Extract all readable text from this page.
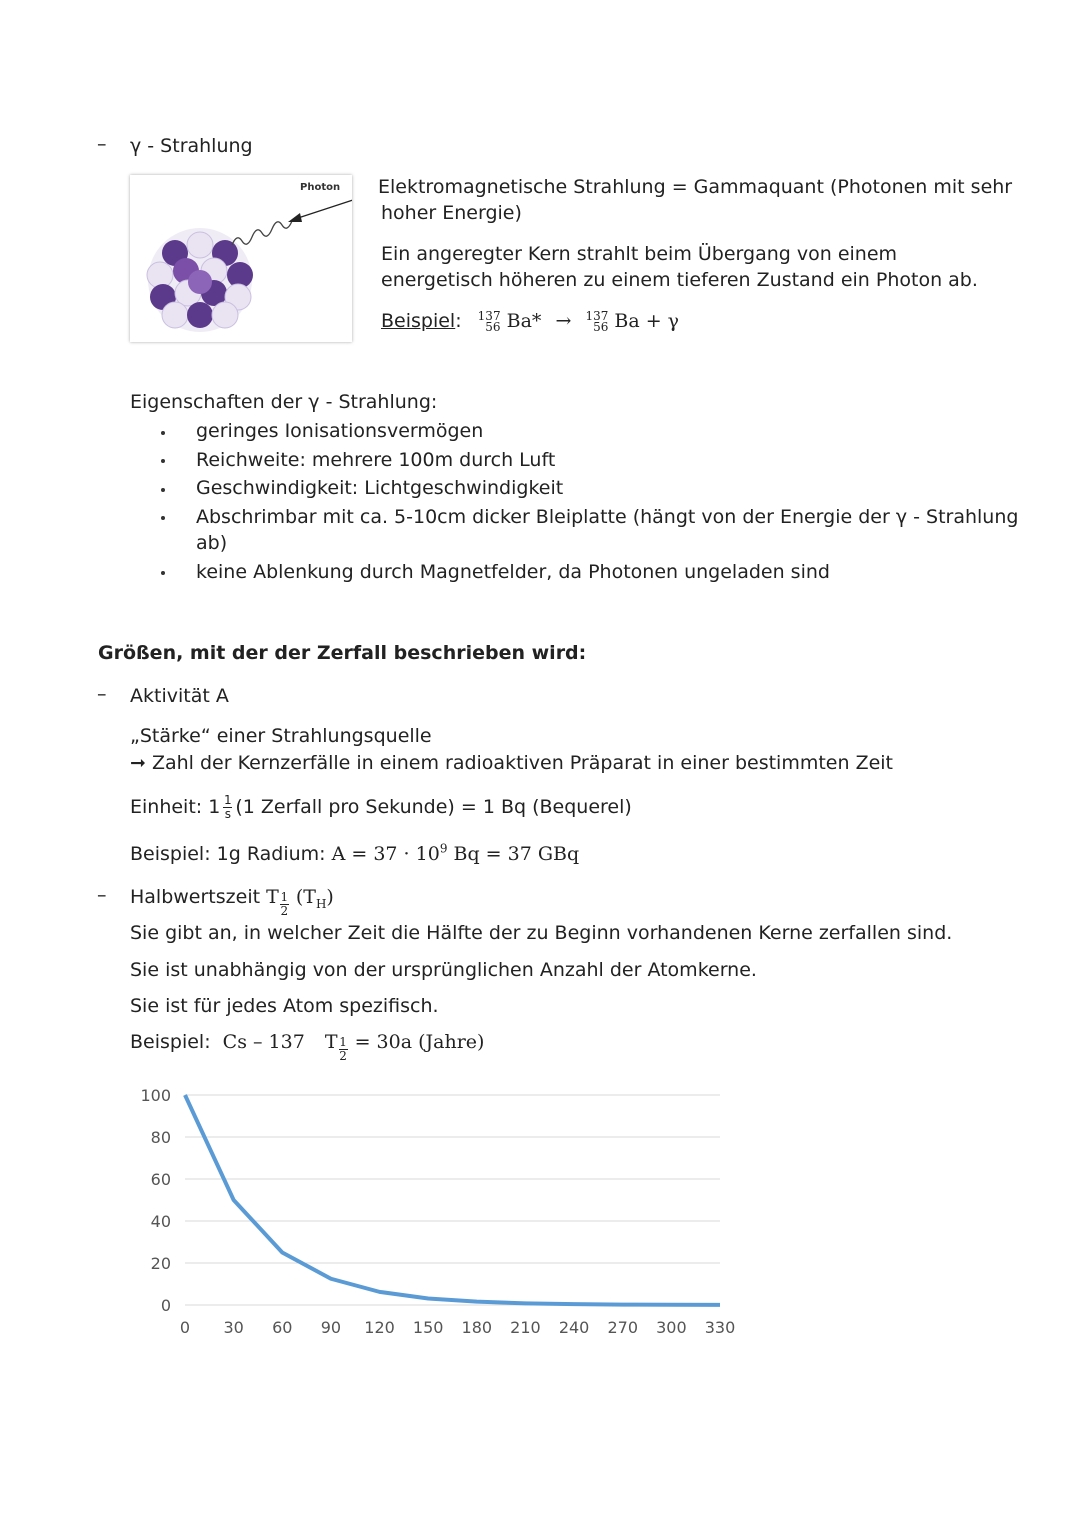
– γ - Strahlung
Photon Elektromagnetische Strahlung = Gammaquant (Photonen mit sehr
hoher Energie)
Ein angeregter Kern strahlt beim Übergang von einem
energetisch höheren zu einem tieferen Zustand ein Photon ab.
Beispiel: 137
56 Ba* → 137
56 Ba + γ
Eigenschaften der γ - Strahlung:
geringes Ionisationsvermögen
Reichweite: mehrere 100m durch Luft
Geschwindigkeit: Lichtgeschwindigkeit
Abschrimbar mit ca. 5-10cm dicker Bleiplatte (hängt von der Energie der γ - Strahlung
ab)
keine Ablenkung durch Magnetfelder, da Photonen ungeladen sind
Größen, mit der der Zerfall beschrieben wird:
– Aktivität A
„Stärke“ einer Strahlungsquelle
➞ Zahl der Kernzerfälle in einem radioaktiven Präparat in einer bestimmten Zeit
Einheit: $1 \frac{1}{s} (1$ Zerfall pro Sekunde) = 1 Bq (Bequerel)
Beispiel: 1g Radium: $A = 37 \cdot 10^9$ Bq = 37 GBq
– Halbwertszeit T $\frac{1}{2} (T_H)$
Sie gibt an, in welcher Zeit die Hälfte der zu Beginn vorhandenen Kerne zerfallen sind.
Sie ist unabhängig von der ursprünglichen Anzahl der Atomkerne.
Sie ist für jedes Atom spezifisch.
Beispiel: Cs – 137 T $\frac{1}{2} = 30a$ (Jahre)
0
20
40
60
80
100
0 30 60 90 120 150 180 210 240 270 300 330
